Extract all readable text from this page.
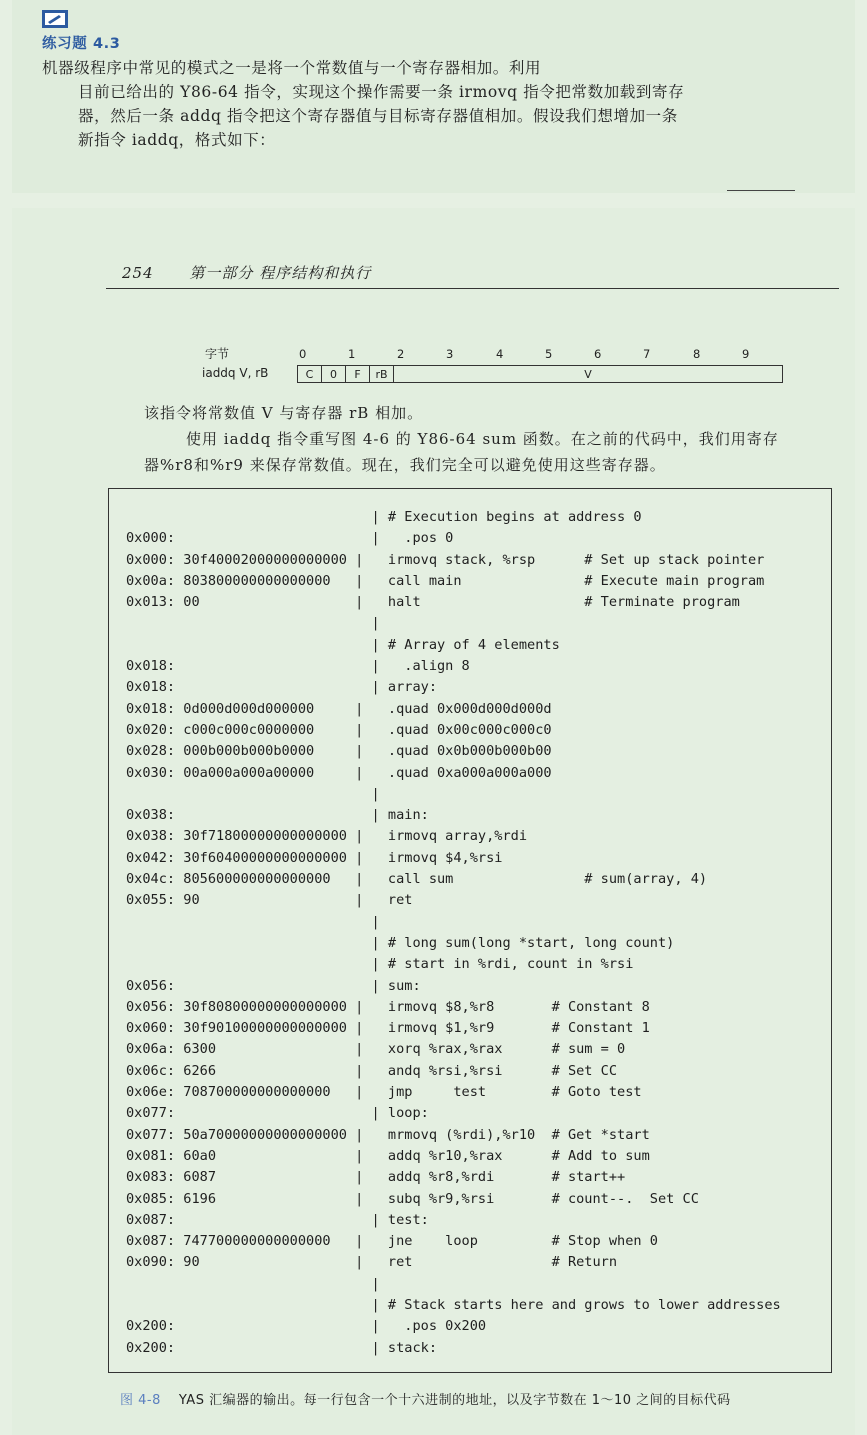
练习题 4.3
机器级程序中常见的模式之一是将一个常数值与一个寄存器相加。利用
目前已给出的 Y86-64 指令，实现这个操作需要一条 irmovq 指令把常数加载到寄存
器，然后一条 addq 指令把这个寄存器值与目标寄存器值相加。假设我们想增加一条
新指令 iaddq，格式如下：
254 第一部分 程序结构和执行
字节
iaddq V, rB
0	1	2	3	4	5	6	7	8	9
C	0	F	rB	V
该指令将常数值 V 与寄存器 rB 相加。
使用 iaddq 指令重写图 4-6 的 Y86-64 sum 函数。在之前的代码中，我们用寄存
器%r8和%r9 来保存常数值。现在，我们完全可以避免使用这些寄存器。
| # Execution begins at address 0
0x000:                        |   .pos 0
0x000: 30f40002000000000000 |   irmovq stack, %rsp      # Set up stack pointer
0x00a: 803800000000000000   |   call main               # Execute main program
0x013: 00                   |   halt                    # Terminate program
|
| # Array of 4 elements
0x018:                        |   .align 8
0x018:                        | array:
0x018: 0d000d000d000000     |   .quad 0x000d000d000d
0x020: c000c000c0000000     |   .quad 0x00c000c000c0
0x028: 000b000b000b0000     |   .quad 0x0b000b000b00
0x030: 00a000a000a00000     |   .quad 0xa000a000a000
|
0x038:                        | main:
0x038: 30f71800000000000000 |   irmovq array,%rdi
0x042: 30f60400000000000000 |   irmovq $4,%rsi
0x04c: 805600000000000000   |   call sum                # sum(array, 4)
0x055: 90                   |   ret
|
| # long sum(long *start, long count)
| # start in %rdi, count in %rsi
0x056:                        | sum:
0x056: 30f80800000000000000 |   irmovq $8,%r8       # Constant 8
0x060: 30f90100000000000000 |   irmovq $1,%r9       # Constant 1
0x06a: 6300                 |   xorq %rax,%rax      # sum = 0
0x06c: 6266                 |   andq %rsi,%rsi      # Set CC
0x06e: 708700000000000000   |   jmp     test        # Goto test
0x077:                        | loop:
0x077: 50a70000000000000000 |   mrmovq (%rdi),%r10  # Get *start
0x081: 60a0                 |   addq %r10,%rax      # Add to sum
0x083: 6087                 |   addq %r8,%rdi       # start++
0x085: 6196                 |   subq %r9,%rsi       # count--.  Set CC
0x087:                        | test:
0x087: 747700000000000000   |   jne    loop         # Stop when 0
0x090: 90                   |   ret                 # Return
|
| # Stack starts here and grows to lower addresses
0x200:                        |   .pos 0x200
0x200:                        | stack:
图 4-8 YAS 汇编器的输出。每一行包含一个十六进制的地址，以及字节数在 1～10 之间的目标代码
